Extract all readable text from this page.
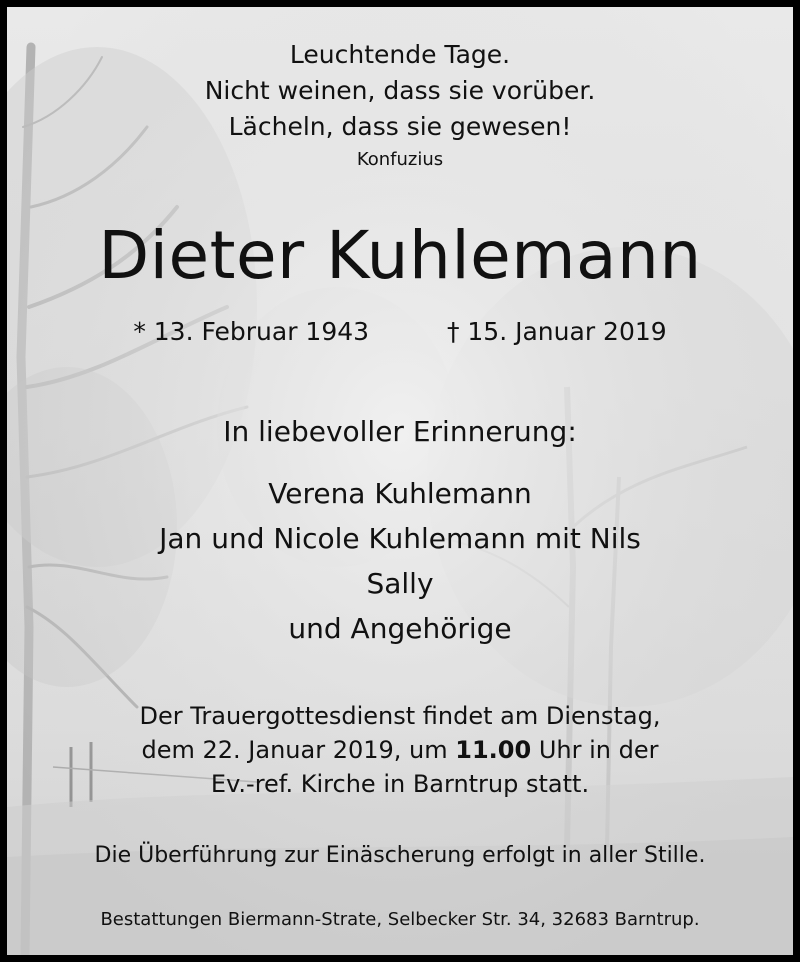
Leuchtende Tage.
Nicht weinen, dass sie vorüber.
Lächeln, dass sie gewesen!
Konfuzius
Dieter Kuhlemann
* 13. Februar 1943	† 15. Januar 2019
In liebevoller Erinnerung:
Verena Kuhlemann
Jan und Nicole Kuhlemann mit Nils
Sally
und Angehörige
Der Trauergottesdienst findet am Dienstag,
dem 22. Januar 2019, um 11.00 Uhr in der
Ev.-ref. Kirche in Barntrup statt.
Die Überführung zur Einäscherung erfolgt in aller Stille.
Bestattungen Biermann-Strate, Selbecker Str. 34, 32683 Barntrup.
